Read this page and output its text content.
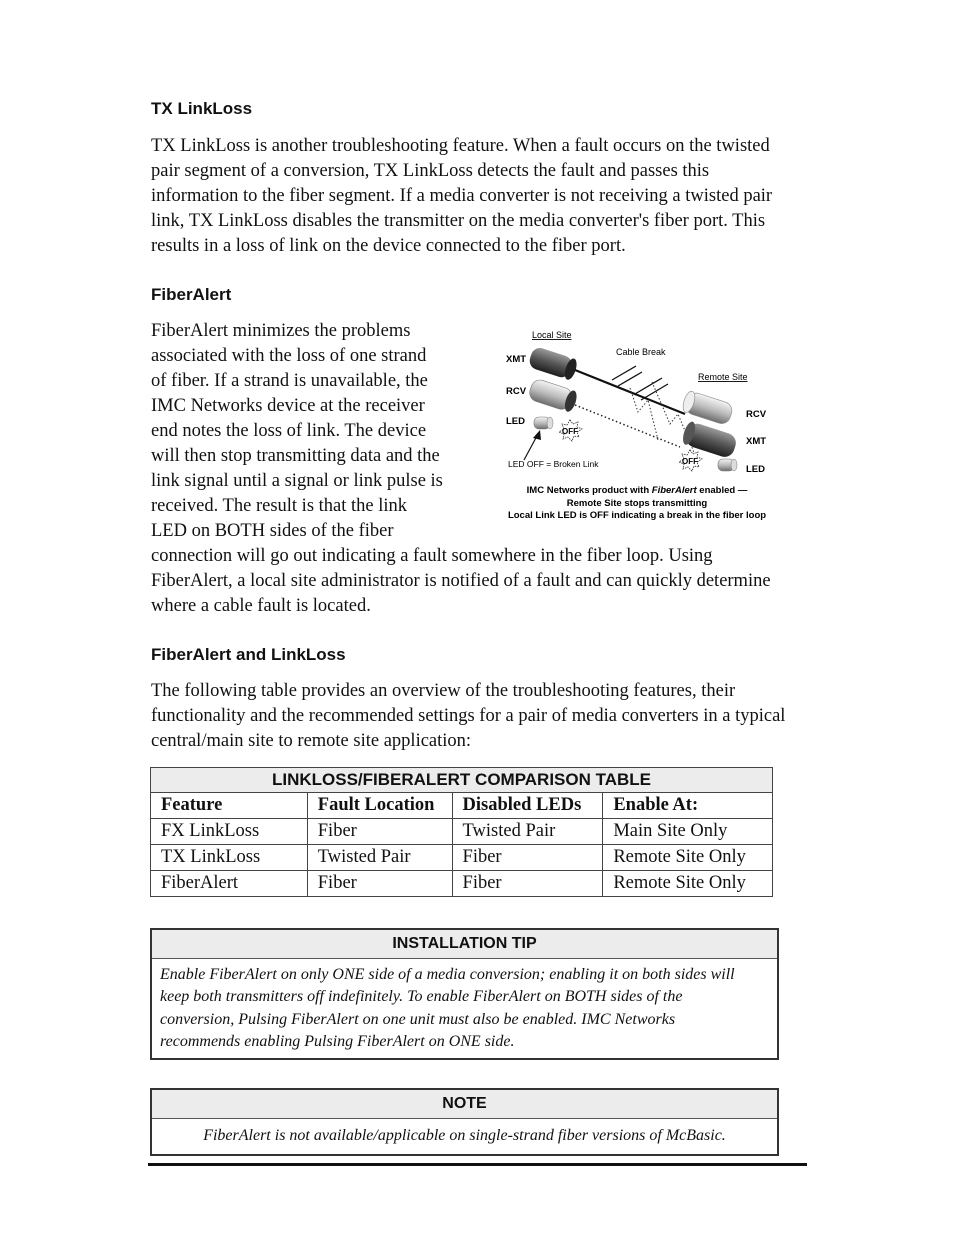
TX LinkLoss

TX LinkLoss is another troubleshooting feature. When a fault occurs on the twisted
pair segment of a conversion, TX LinkLoss detects the fault and passes this
information to the fiber segment. If a media converter is not receiving a twisted pair
link, TX LinkLoss disables the transmitter on the media converter's fiber port. This
results in a loss of link on the device connected to the fiber port.

FiberAlert

FiberAlert minimizes the problems
associated with the loss of one strand
of fiber. If a strand is unavailable, the
IMC Networks device at the receiver
end notes the loss of link. The device
will then stop transmitting data and the
link signal until a signal or link pulse is
received. The result is that the link
LED on BOTH sides of the fiber
connection will go out indicating a fault somewhere in the fiber loop. Using
FiberAlert, a local site administrator is notified of a fault and can quickly determine
where a cable fault is located.

Local Site
Cable Break
Remote Site
XMT
RCV
LED
OFF
RCV
XMT
OFF
LED
LED OFF = Broken Link
IMC Networks product with FiberAlert enabled —
Remote Site stops transmitting
Local Link LED is OFF indicating a break in the fiber loop
FiberAlert and LinkLoss

The following table provides an overview of the troubleshooting features, their
functionality and the recommended settings for a pair of media converters in a typical
central/main site to remote site application:

LINKLOSS/FIBERALERT COMPARISON TABLE			
Feature	Fault Location	Disabled LEDs	Enable At:
FX LinkLoss	Fiber	Twisted Pair	Main Site Only
TX LinkLoss	Twisted Pair	Fiber	Remote Site Only
FiberAlert	Fiber	Fiber	Remote Site Only
INSTALLATION TIP
Enable FiberAlert on only ONE side of a media conversion; enabling it on both sides will
keep both transmitters off indefinitely. To enable FiberAlert on BOTH sides of the
conversion, Pulsing FiberAlert on one unit must also be enabled. IMC Networks
recommends enabling Pulsing FiberAlert on ONE side.
NOTE
FiberAlert is not available/applicable on single-strand fiber versions of McBasic.
